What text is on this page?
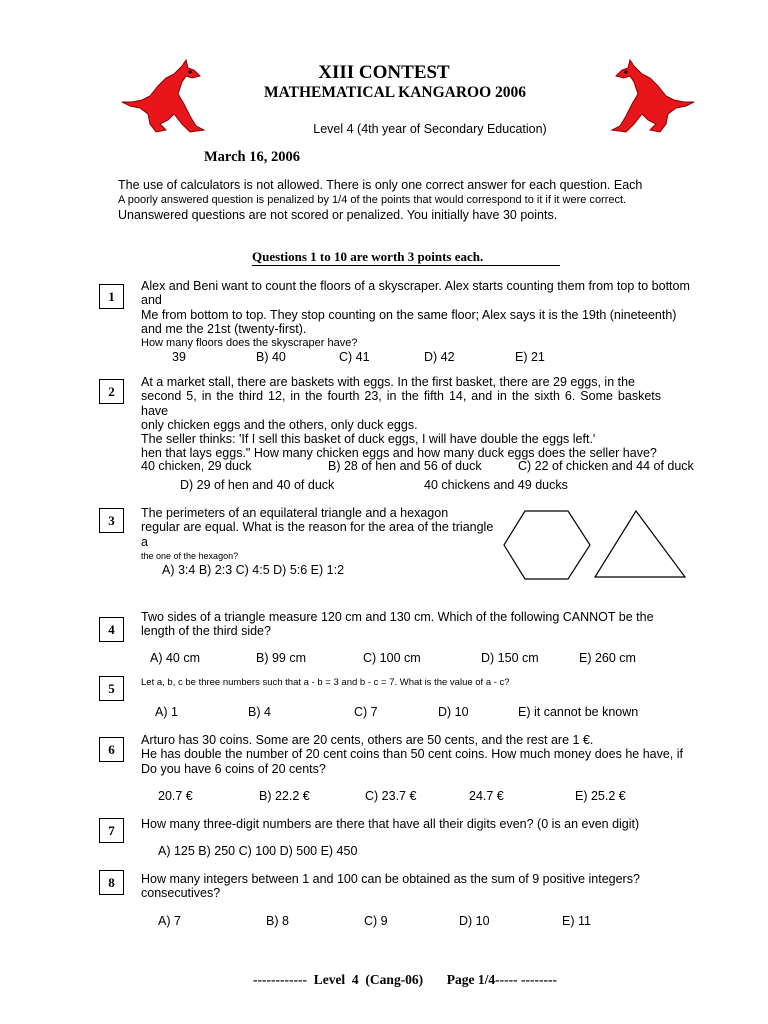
XIII CONTEST
MATHEMATICAL KANGAROO 2006
Level 4 (4th year of Secondary Education)
March 16, 2006
The use of calculators is not allowed. There is only one correct answer for each question. Each
A poorly answered question is penalized by 1/4 of the points that would correspond to it if it were correct.
Unanswered questions are not scored or penalized. You initially have 30 points.
Questions 1 to 10 are worth 3 points each.
1
Alex and Beni want to count the floors of a skyscraper. Alex starts counting them from top to bottom and
Me from bottom to top. They stop counting on the same floor; Alex says it is the 19th (nineteenth)
and me the 21st (twenty-first).
How many floors does the skyscraper have?
39	B) 40	C) 41	D) 42	E) 21
2
At a market stall, there are baskets with eggs. In the first basket, there are 29 eggs, in the
second 5, in the third 12, in the fourth 23, in the fifth 14, and in the sixth 6. Some baskets have
only chicken eggs and the others, only duck eggs.
The seller thinks: 'If I sell this basket of duck eggs, I will have double the eggs left.'
hen that lays eggs." How many chicken eggs and how many duck eggs does the seller have?
40 chicken, 29 duck	B) 28 of hen and 56 of duck	C) 22 of chicken and 44 of duck
D) 29 of hen and 40 of duck	40 chickens and 49 ducks
3	The perimeters of an equilateral triangle and a hexagon
regular are equal. What is the reason for the area of the triangle a
the one of the hexagon?
A) 3:4 B) 2:3 C) 4:5 D) 5:6 E) 1:2
4
Two sides of a triangle measure 120 cm and 130 cm. Which of the following CANNOT be the
length of the third side?
A) 40 cm	B) 99 cm	C) 100 cm	D) 150 cm	E) 260 cm
5	Let a, b, c be three numbers such that a - b = 3 and b - c = 7. What is the value of a - c?
A) 1	B) 4	C) 7	D) 10	E) it cannot be known
6
Arturo has 30 coins. Some are 20 cents, others are 50 cents, and the rest are 1 €.
He has double the number of 20 cent coins than 50 cent coins. How much money does he have, if
Do you have 6 coins of 20 cents?
20.7 €	B) 22.2 €	C) 23.7 €	24.7 €	E) 25.2 €
7	How many three-digit numbers are there that have all their digits even? (0 is an even digit)
A) 125 B) 250 C) 100 D) 500 E) 450
8	How many integers between 1 and 100 can be obtained as the sum of 9 positive integers?
consecutives?
A) 7	B) 8	C) 9	D) 10	E) 11
------------  Level  4  (Cang-06)       Page 1/4----- --------
